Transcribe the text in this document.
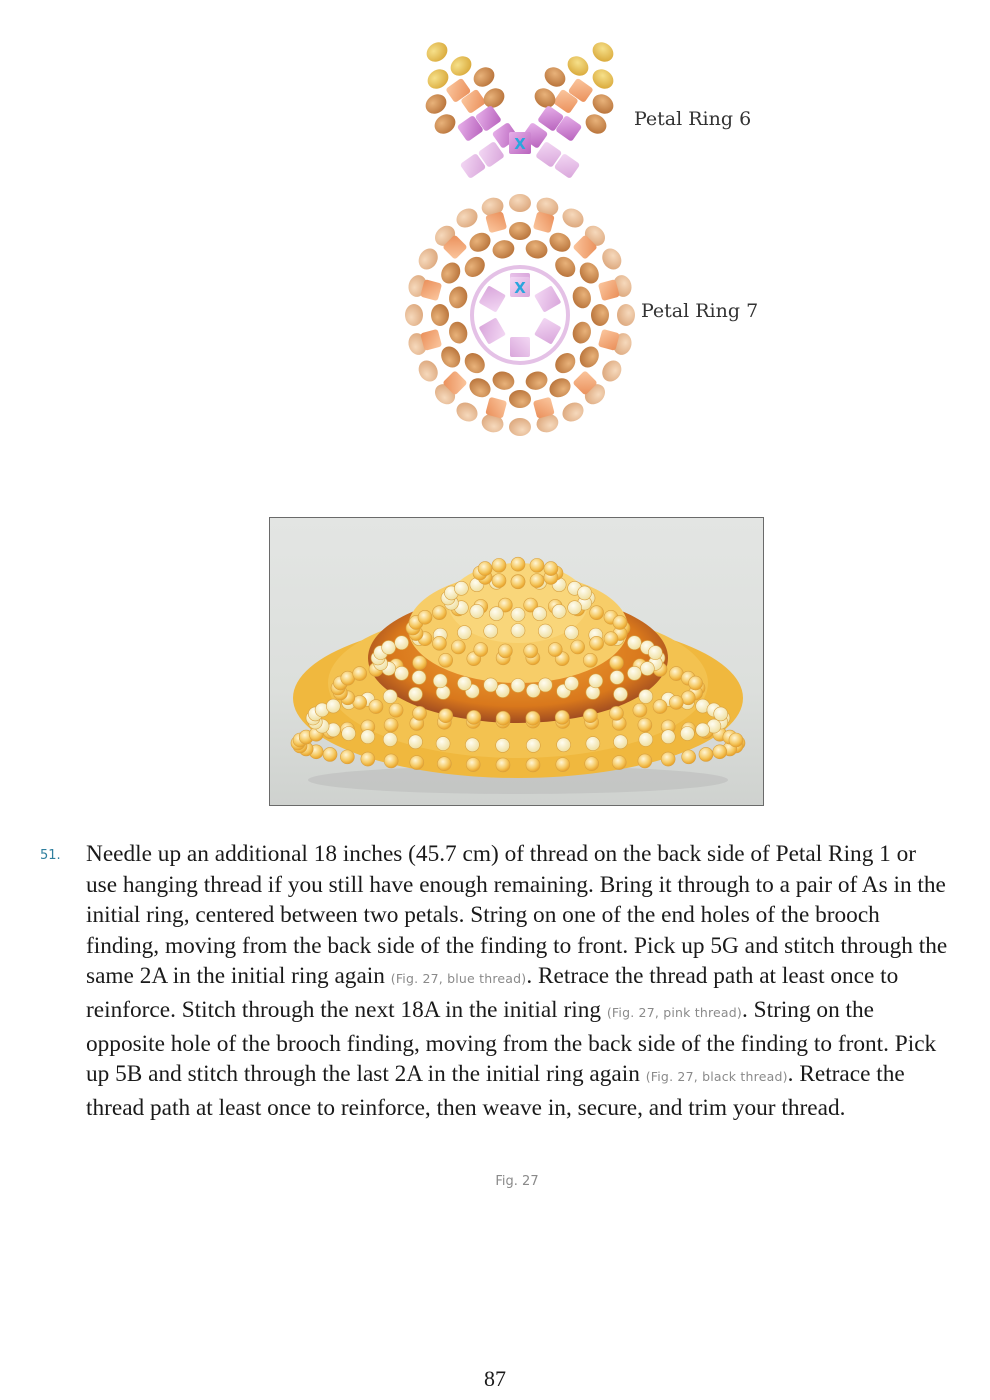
X
Petal Ring 6
X
Petal Ring 7
51. Needle up an additional 18 inches (45.7 cm) of thread on the back side of Petal Ring 1 or use hanging thread if you still have enough remaining. Bring it through to a pair of As in the initial ring, centered between two petals. String on one of the end holes of the brooch finding, moving from the back side of the finding to front. Pick up 5G and stitch through the same 2A in the initial ring again (Fig. 27, blue thread). Retrace the thread path at least once to reinforce. Stitch through the next 18A in the initial ring (Fig. 27, pink thread). String on the opposite hole of the brooch finding, moving from the back side of the finding to front. Pick up 5B and stitch through the last 2A in the initial ring again (Fig. 27, black thread). Retrace the thread path at least once to reinforce, then weave in, secure, and trim your thread.
Fig. 27
87
